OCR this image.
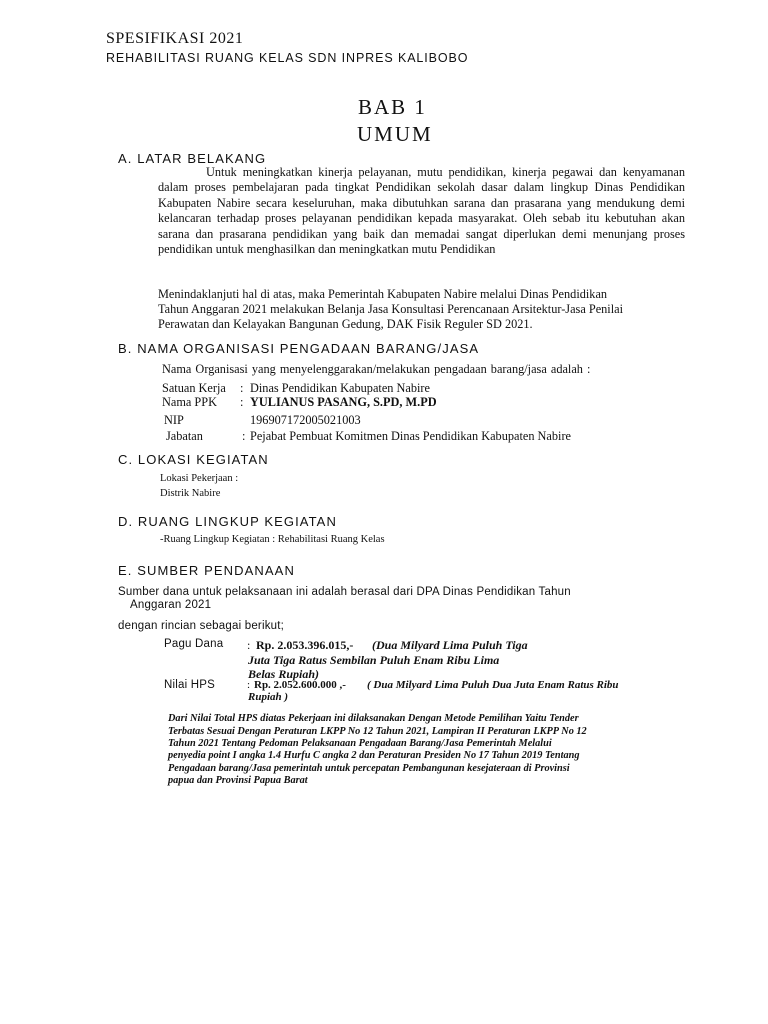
SPESIFIKASI 2021
REHABILITASI RUANG KELAS SDN INPRES KALIBOBO
BAB 1
UMUM
A. LATAR BELAKANG
Untuk meningkatkan kinerja pelayanan, mutu pendidikan, kinerja pegawai dan kenyamanan dalam proses pembelajaran pada tingkat Pendidikan sekolah dasar dalam lingkup Dinas Pendidikan Kabupaten Nabire secara keseluruhan, maka dibutuhkan sarana dan prasarana yang mendukung demi kelancaran terhadap proses pelayanan pendidikan kepada masyarakat. Oleh sebab itu kebutuhan akan sarana dan prasarana pendidikan yang baik dan memadai sangat diperlukan demi menunjang proses pendidikan untuk menghasilkan dan meningkatkan mutu Pendidikan
Menindaklanjuti hal di atas, maka Pemerintah Kabupaten Nabire melalui Dinas Pendidikan
Tahun Anggaran 2021 melakukan Belanja Jasa Konsultasi Perencanaan Arsitektur-Jasa Penilai
Perawatan dan Kelayakan Bangunan Gedung, DAK Fisik Reguler SD 2021.
B. NAMA ORGANISASI PENGADAAN BARANG/JASA
Nama Organisasi yang menyelenggarakan/melakukan pengadaan barang/jasa adalah :
Satuan Kerja : Dinas Pendidikan Kabupaten Nabire
Nama PPK : YULIANUS PASANG, S.PD, M.PD
NIP	196907172005021003
Jabatan	: Pejabat Pembuat Komitmen Dinas Pendidikan Kabupaten Nabire
C. LOKASI KEGIATAN
Lokasi Pekerjaan :
Distrik Nabire
D. RUANG LINGKUP KEGIATAN
-Ruang Lingkup Kegiatan : Rehabilitasi Ruang Kelas
E. SUMBER PENDANAAN
Sumber dana untuk pelaksanaan ini adalah berasal dari DPA Dinas Pendidikan Tahun
Anggaran 2021
dengan rincian sebagai berikut;
Pagu Dana : Rp. 2.053.396.015,- (Dua Milyard Lima Puluh Tiga
Juta Tiga Ratus Sembilan Puluh Enam Ribu Lima
Belas Rupiah)
Nilai HPS	: Rp. 2.052.600.000 ,- ( Dua Milyard Lima Puluh Dua Juta Enam Ratus Ribu
Rupiah )
Dari Nilai Total HPS diatas Pekerjaan ini dilaksanakan Dengan Metode Pemilihan Yaitu Tender
Terbatas Sesuai Dengan Peraturan LKPP No 12 Tahun 2021, Lampiran II Peraturan LKPP No 12
Tahun 2021 Tentang Pedoman Pelaksanaan Pengadaan Barang/Jasa Pemerintah Melalui
penyedia point I angka 1.4 Hurfu C angka 2 dan Peraturan Presiden No 17 Tahun 2019 Tentang
Pengadaan barang/Jasa pemerintah untuk percepatan Pembangunan kesejateraan di Provinsi
papua dan Provinsi Papua Barat
